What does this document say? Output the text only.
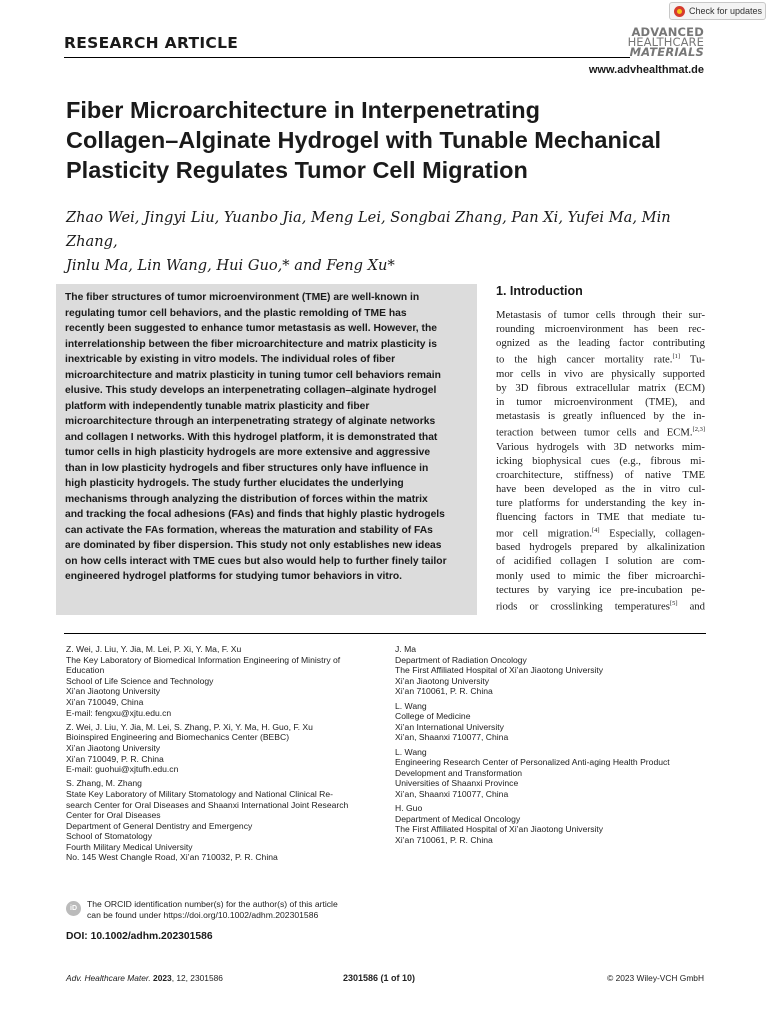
Check for updates
RESEARCH ARTICLE
ADVANCED
HEALTHCARE
MATERIALS
www.advhealthmat.de
Fiber Microarchitecture in Interpenetrating
Collagen–Alginate Hydrogel with Tunable Mechanical
Plasticity Regulates Tumor Cell Migration
Zhao Wei, Jingyi Liu, Yuanbo Jia, Meng Lei, Songbai Zhang, Pan Xi, Yufei Ma, Min Zhang,
Jinlu Ma, Lin Wang, Hui Guo,* and Feng Xu*
The fiber structures of tumor microenvironment (TME) are well-known in
regulating tumor cell behaviors, and the plastic remolding of TME has
recently been suggested to enhance tumor metastasis as well. However, the
interrelationship between the fiber microarchitecture and matrix plasticity is
inextricable by existing in vitro models. The individual roles of fiber
microarchitecture and matrix plasticity in tuning tumor cell behaviors remain
elusive. This study develops an interpenetrating collagen–alginate hydrogel
platform with independently tunable matrix plasticity and fiber
microarchitecture through an interpenetrating strategy of alginate networks
and collagen I networks. With this hydrogel platform, it is demonstrated that
tumor cells in high plasticity hydrogels are more extensive and aggressive
than in low plasticity hydrogels and fiber structures only have influence in
high plasticity hydrogels. The study further elucidates the underlying
mechanisms through analyzing the distribution of forces within the matrix
and tracking the focal adhesions (FAs) and finds that highly plastic hydrogels
can activate the FAs formation, whereas the maturation and stability of FAs
are dominated by fiber dispersion. This study not only establishes new ideas
on how cells interact with TME cues but also would help to further finely tailor
engineered hydrogel platforms for studying tumor behaviors in vitro.
1. Introduction
Metastasis of tumor cells through their sur-
rounding microenvironment has been rec-
ognized as the leading factor contributing
to the high cancer mortality rate.[1] Tu-
mor cells in vivo are physically supported
by 3D fibrous extracellular matrix (ECM)
in tumor microenvironment (TME), and
metastasis is greatly influenced by the in-
teraction between tumor cells and ECM.[2,3]
Various hydrogels with 3D networks mim-
icking biophysical cues (e.g., fibrous mi-
croarchitecture, stiffness) of native TME
have been developed as the in vitro cul-
ture platforms for understanding the key in-
fluencing factors in TME that mediate tu-
mor cell migration.[4] Especially, collagen-
based hydrogels prepared by alkalinization
of acidified collagen I solution are com-
monly used to mimic the fiber microarchi-
tectures by varying ice pre-incubation pe-
riods or crosslinking temperatures[5] and
Z. Wei, J. Liu, Y. Jia, M. Lei, P. Xi, Y. Ma, F. Xu
The Key Laboratory of Biomedical Information Engineering of Ministry of
Education
School of Life Science and Technology
Xi’an Jiaotong University
Xi’an 710049, China
E-mail: fengxu@xjtu.edu.cn
Z. Wei, J. Liu, Y. Jia, M. Lei, S. Zhang, P. Xi, Y. Ma, H. Guo, F. Xu
Bioinspired Engineering and Biomechanics Center (BEBC)
Xi’an Jiaotong University
Xi’an 710049, P. R. China
E-mail: guohui@xjtufh.edu.cn
S. Zhang, M. Zhang
State Key Laboratory of Military Stomatology and National Clinical Re-
search Center for Oral Diseases and Shaanxi International Joint Research
Center for Oral Diseases
Department of General Dentistry and Emergency
School of Stomatology
Fourth Military Medical University
No. 145 West Changle Road, Xi’an 710032, P. R. China
J. Ma
Department of Radiation Oncology
The First Affiliated Hospital of Xi’an Jiaotong University
Xi’an Jiaotong University
Xi’an 710061, P. R. China
L. Wang
College of Medicine
Xi’an International University
Xi’an, Shaanxi 710077, China
L. Wang
Engineering Research Center of Personalized Anti-aging Health Product
Development and Transformation
Universities of Shaanxi Province
Xi’an, Shaanxi 710077, China
H. Guo
Department of Medical Oncology
The First Affiliated Hospital of Xi’an Jiaotong University
Xi’an 710061, P. R. China
iD	The ORCID identification number(s) for the author(s) of this article
can be found under https://doi.org/10.1002/adhm.202301586
DOI: 10.1002/adhm.202301586
Adv. Healthcare Mater. 2023, 12, 2301586	2301586 (1 of 10)	© 2023 Wiley-VCH GmbH
